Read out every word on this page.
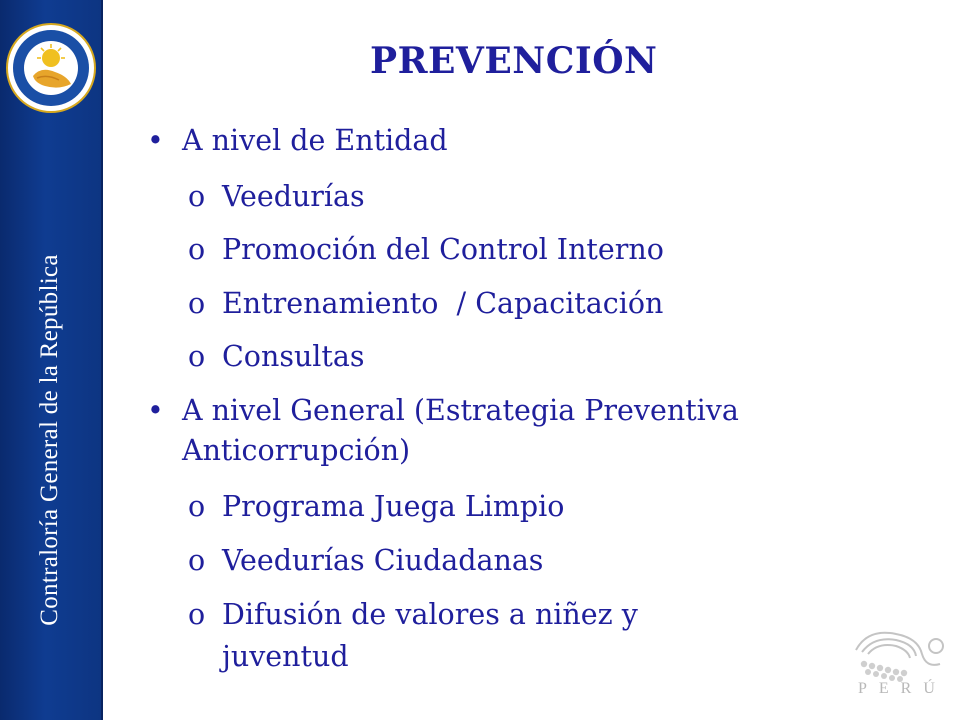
Contraloría General de la República
PREVENCIÓN
• A nivel de Entidad
o Veedurías
o Promoción del Control Interno
o Entrenamiento  / Capacitación
o Consultas
• A nivel General (Estrategia Preventiva
Anticorrupción)
o Programa Juega Limpio
o Veedurías Ciudadanas
o Difusión de valores a niñez y
juventud
PERÚ
